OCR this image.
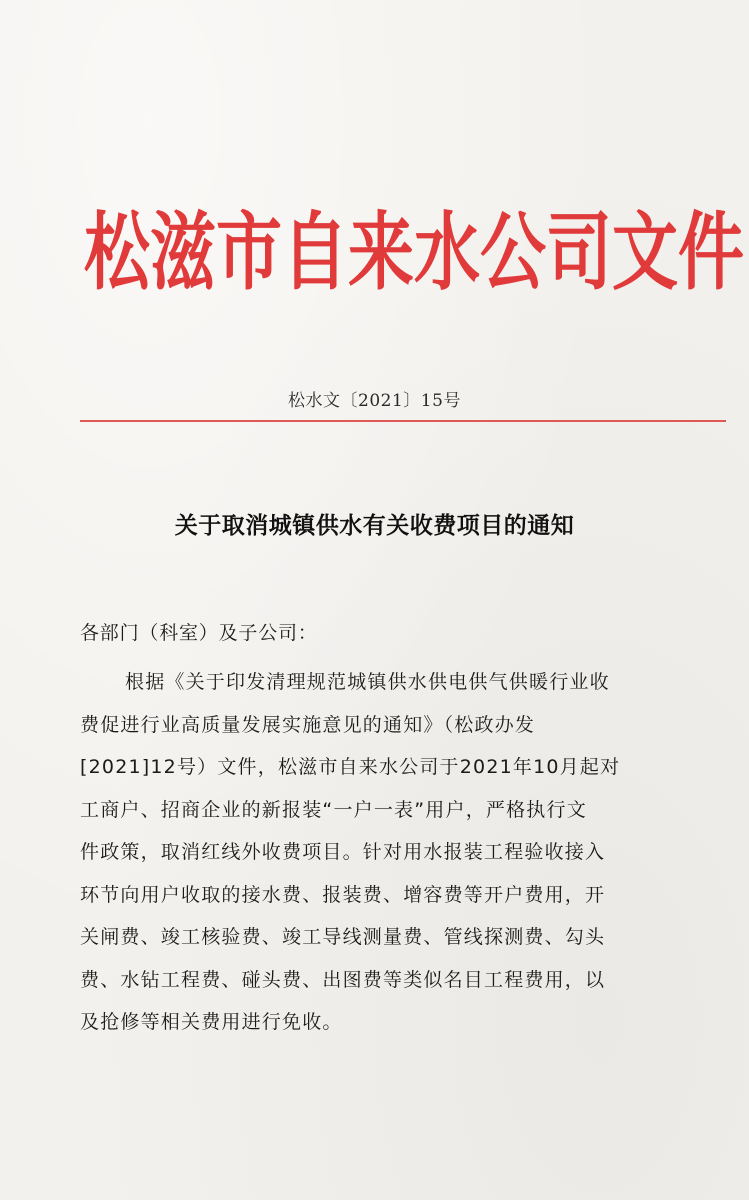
松滋市自来水公司文件
松水文〔2021〕15号
关于取消城镇供水有关收费项目的通知
各部门（科室）及子公司：
根据《关于印发清理规范城镇供水供电供气供暖行业收
费促进行业高质量发展实施意见的通知》（松政办发
[2021]12号）文件，松滋市自来水公司于2021年10月起对
工商户、招商企业的新报装“一户一表”用户，严格执行文
件政策，取消红线外收费项目。针对用水报装工程验收接入
环节向用户收取的接水费、报装费、增容费等开户费用，开
关闸费、竣工核验费、竣工导线测量费、管线探测费、勾头
费、水钻工程费、碰头费、出图费等类似名目工程费用，以
及抢修等相关费用进行免收。
